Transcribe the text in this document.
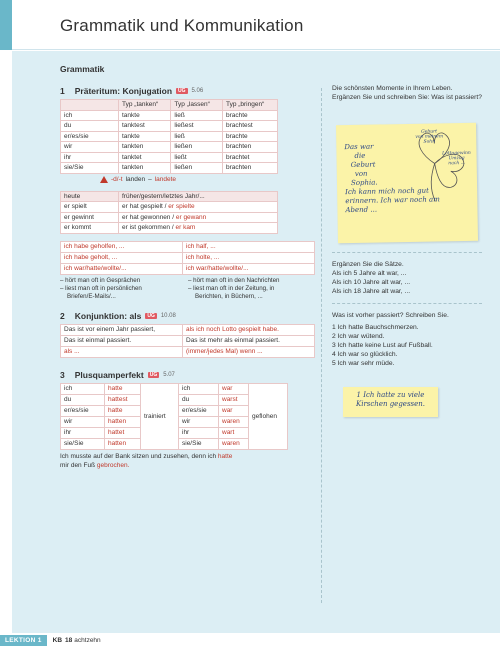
Grammatik und Kommunikation
Grammatik
1 Präteritum: Konjugation	UG	5.06
	Typ „tanken“	Typ „lassen“	Typ „bringen“
ich	tankte	ließ	brachte
du	tanktest	ließest	brachtest
er/es/sie	tankte	ließ	brachte
wir	tankten	ließen	brachten
ihr	tanktet	ließt	brachtet
sie/Sie	tankten	ließen	brachten
-d/-t landen – landete
heute	früher/gestern/letztes Jahr/...
er spielt	er hat gespielt / er spielte
er gewinnt	er hat gewonnen / er gewann
er kommt	er ist gekommen / er kam
ich habe geholfen, ...	ich half, ...
ich habe geholt, ...	ich holte, ...
ich war/hatte/wollte/...	ich war/hatte/wollte/...

– hört man oft in Gesprächen

– liest man oft in persönlichen

Briefen/E-Mails/...

– hört man oft in den Nachrichten

– liest man oft in der Zeitung, in

Berichten, in Büchern, ...

2 Konjunktion: als	UG	10.08
Das ist vor einem Jahr passiert,	als ich noch Lotto gespielt habe.
Das ist einmal passiert.	Das ist mehr als einmal passiert.
als ...	(immer/jedes Mal) wenn ...
3 Plusquamperfekt	UG	5.07
ich	hatte	trainiert	ich	war	geflohen
du	hattest		du	warst	
er/es/sie	hatte		er/es/sie	war	
wir	hatten		wir	waren	
ihr	hattet		ihr	wart	
sie/Sie	hatten		sie/Sie	waren	
Ich musste auf der Bank sitzen und zusehen, denn ich hatte
mir den Fuß gebrochen.

Die schönsten Momente in Ihrem Leben. Ergänzen Sie und schreiben Sie: Was ist passiert?

Geburt
von meinem
Sohn
Lottogewinn
Umzug
nach ...
Das war
die
Geburt
von
Sophia.
Ich kann mich noch gut
erinnern. Ich war noch am
Abend ...

Ergänzen Sie die Sätze.

Als ich 5 Jahre alt war, ...

Als ich 10 Jahre alt war, ...

Als ich 18 Jahre alt war, ...

Was ist vorher passiert? Schreiben Sie.

1 Ich hatte Bauchschmerzen.

2 Ich war wütend.

3 Ich hatte keine Lust auf Fußball.

4 Ich war so glücklich.

5 Ich war sehr müde.

1 Ich hatte zu viele
Kirschen gegessen.
LEKTION 1	KB 18 achtzehn
